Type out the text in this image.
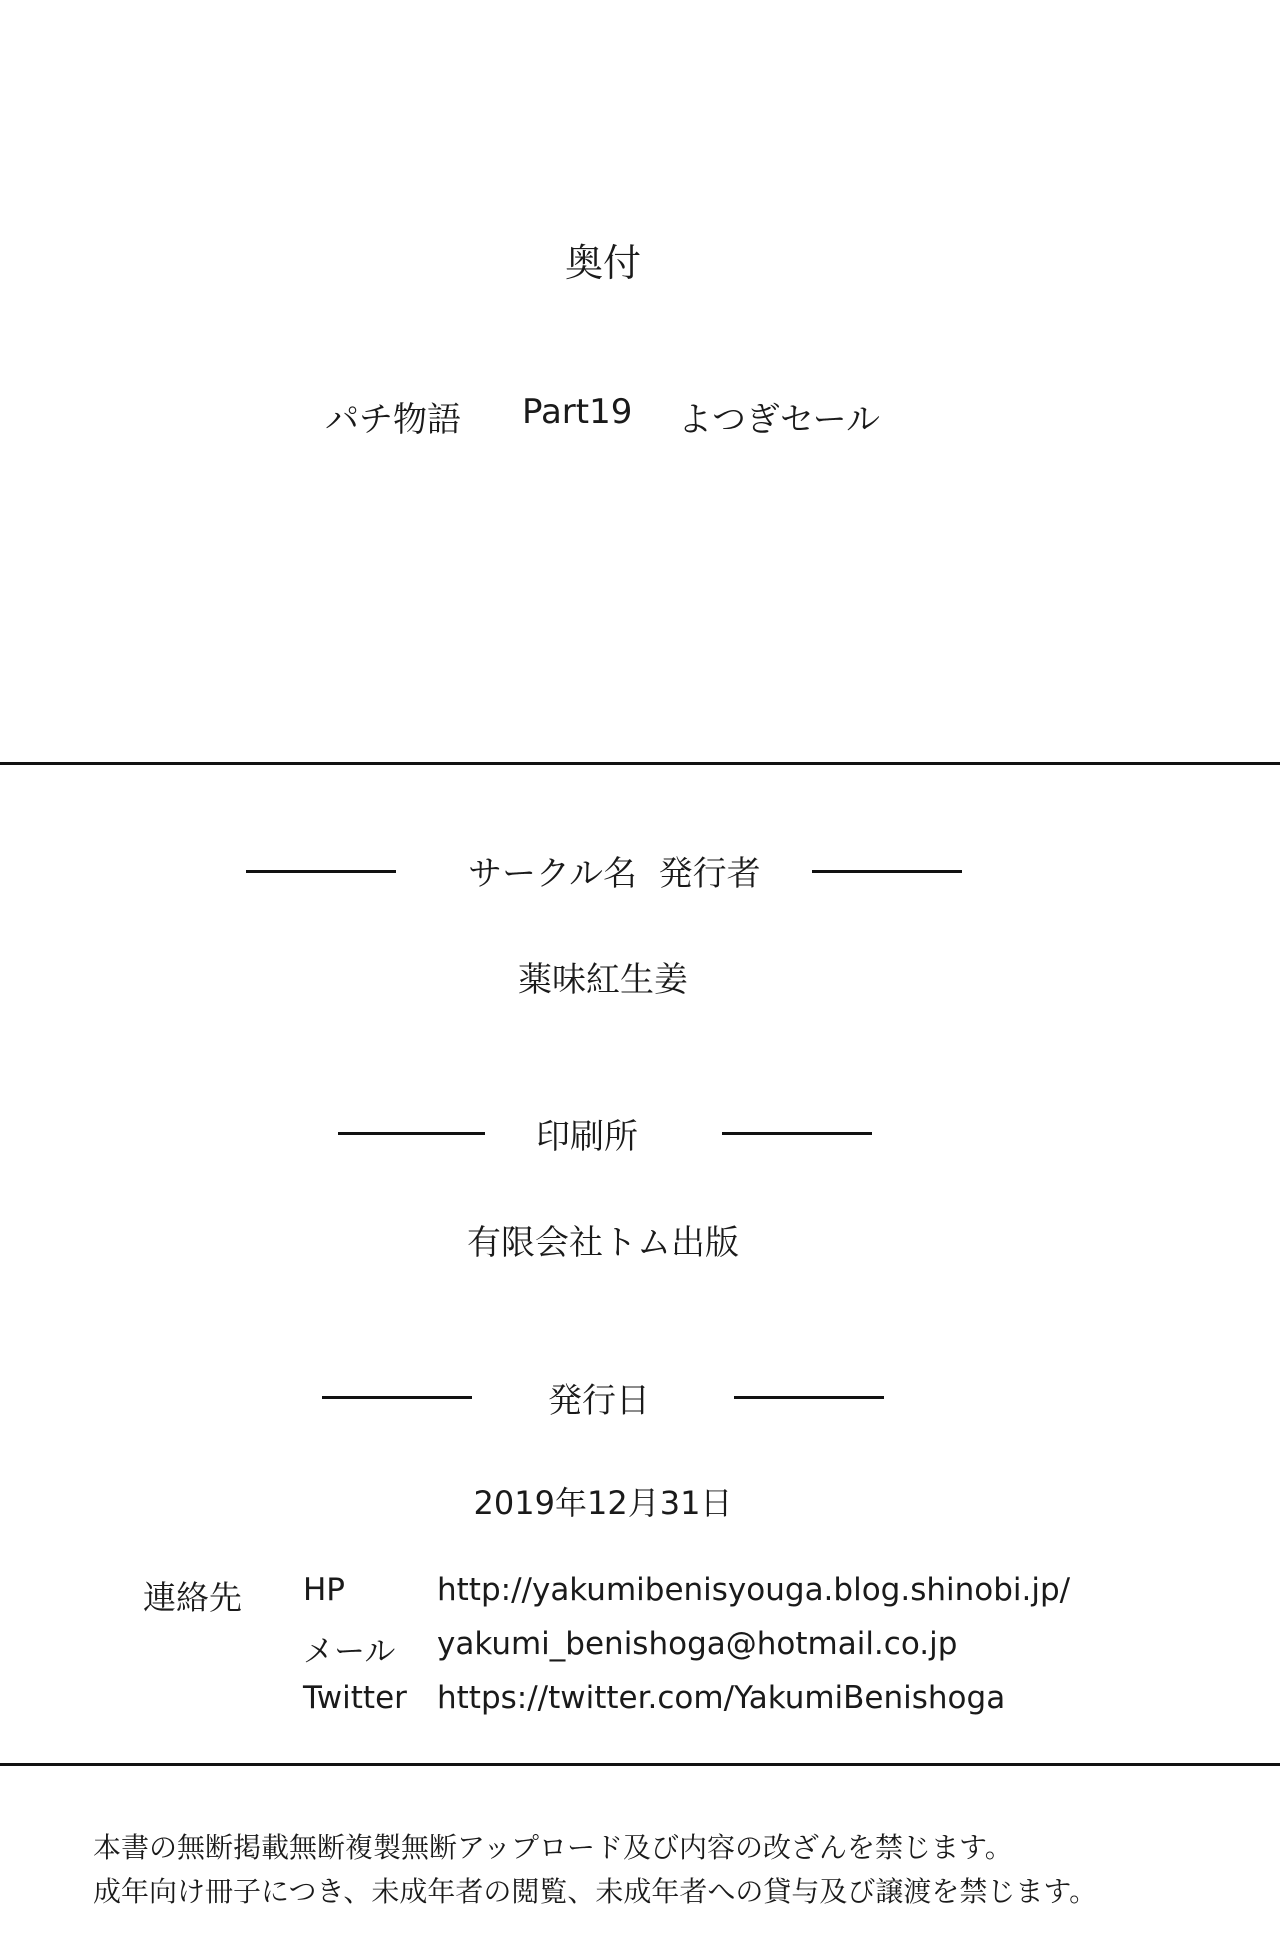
奥付
パチ物語 Part19 よつぎセール
サークル名  発行者
薬味紅生姜
印刷所
有限会社トム出版
発行日
2019年12月31日
連絡先 HP	http://yakumibenisyouga.blog.shinobi.jp/
メール yakumi_benishoga@hotmail.co.jp
Twitter https://twitter.com/YakumiBenishoga
本書の無断掲載無断複製無断アップロード及び内容の改ざんを禁じます。
成年向け冊子につき、未成年者の閲覧、未成年者への貸与及び譲渡を禁じます。
